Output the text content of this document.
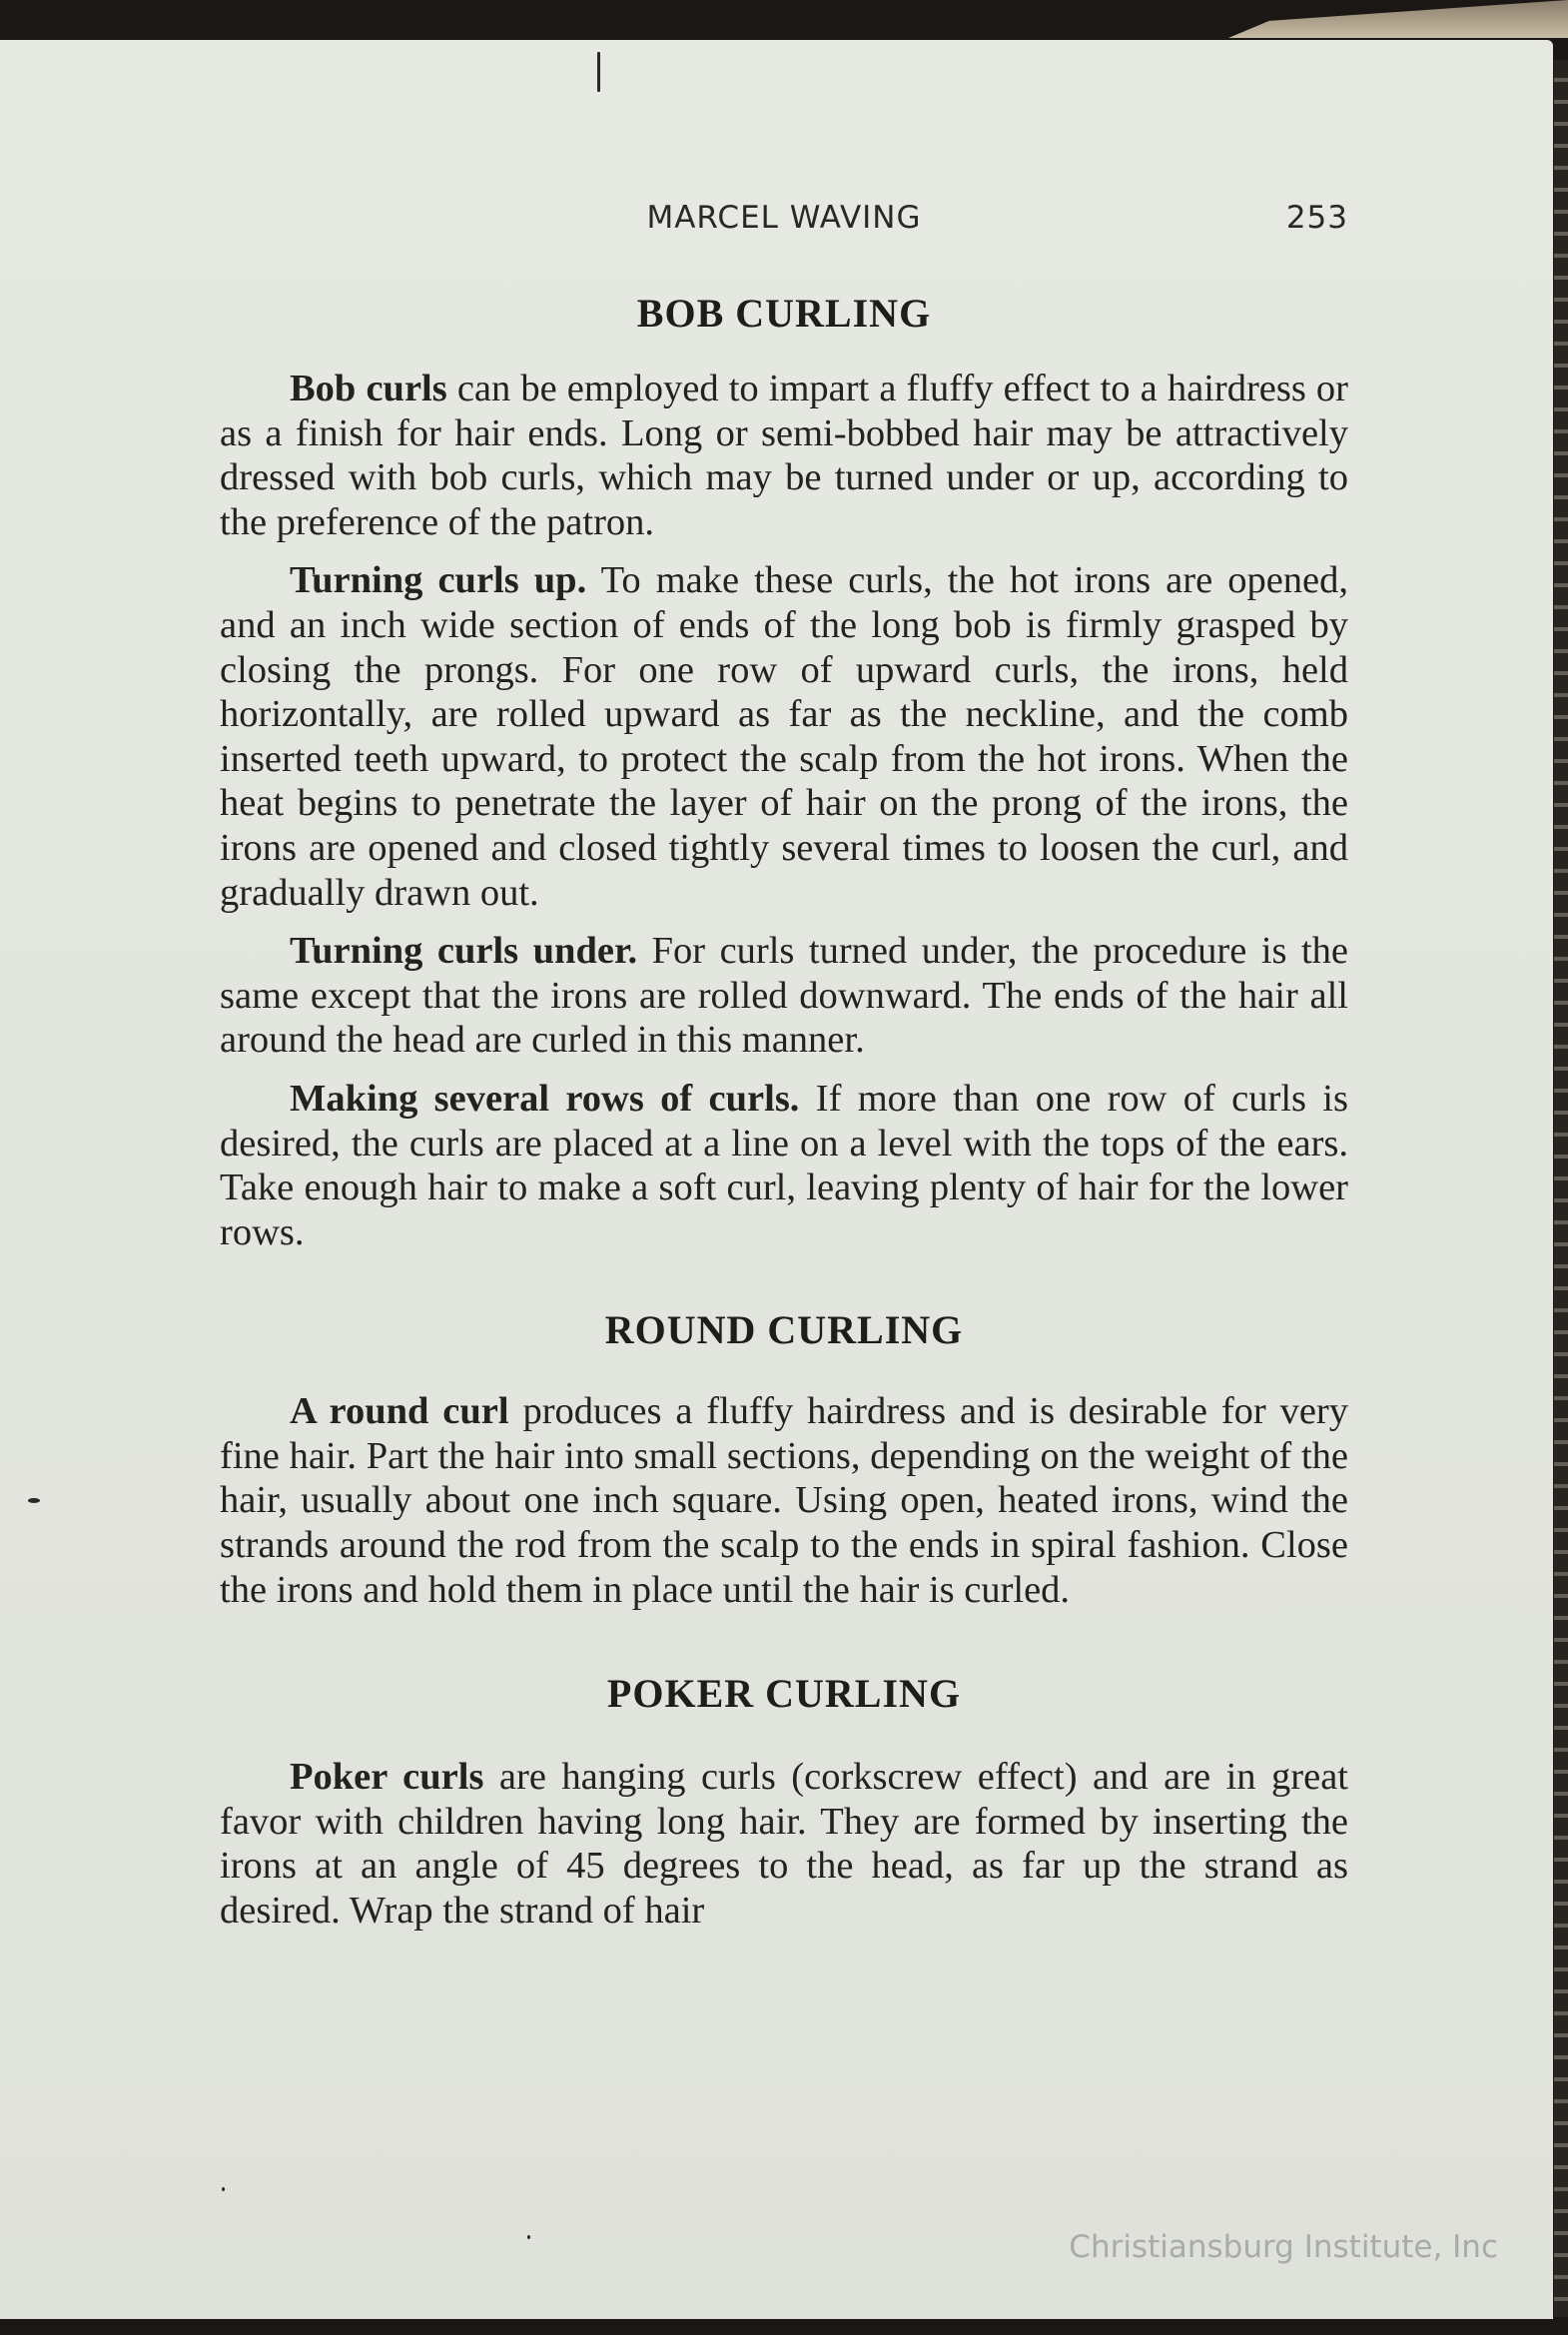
MARCEL WAVING	253
BOB CURLING

Bob curls can be employed to impart a fluffy effect to a hairdress or as a finish for hair ends. Long or semi-bobbed hair may be attractively dressed with bob curls, which may be turned under or up, according to the preference of the patron.

Turning curls up. To make these curls, the hot irons are opened, and an inch wide section of ends of the long bob is firmly grasped by closing the prongs. For one row of upward curls, the irons, held horizontally, are rolled upward as far as the neckline, and the comb inserted teeth upward, to protect the scalp from the hot irons. When the heat begins to penetrate the layer of hair on the prong of the irons, the irons are opened and closed tightly several times to loosen the curl, and gradually drawn out.

Turning curls under. For curls turned under, the procedure is the same except that the irons are rolled downward. The ends of the hair all around the head are curled in this manner.

Making several rows of curls. If more than one row of curls is desired, the curls are placed at a line on a level with the tops of the ears. Take enough hair to make a soft curl, leaving plenty of hair for the lower rows.

ROUND CURLING

A round curl produces a fluffy hairdress and is desirable for very fine hair. Part the hair into small sections, depending on the weight of the hair, usually about one inch square. Using open, heated irons, wind the strands around the rod from the scalp to the ends in spiral fashion. Close the irons and hold them in place until the hair is curled.

POKER CURLING

Poker curls are hanging curls (corkscrew effect) and are in great favor with children having long hair. They are formed by inserting the irons at an angle of 45 degrees to the head, as far up the strand as desired. Wrap the strand of hair

Christiansburg Institute, Inc
